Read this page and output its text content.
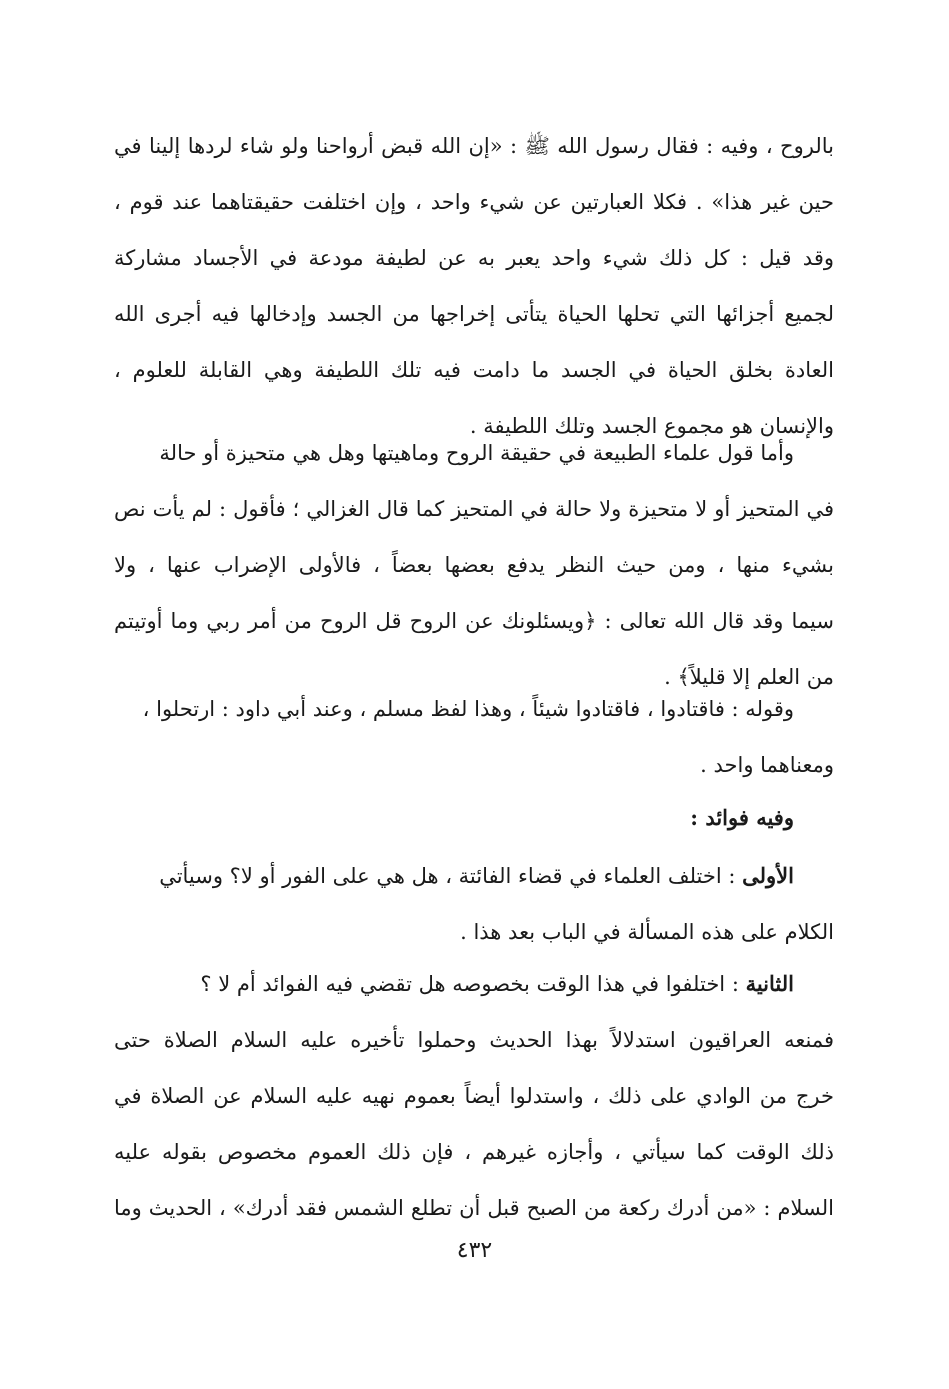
بالروح ، وفيه : فقال رسول الله ﷺ : «إن الله قبض أرواحنا ولو شاء لردها إلينا في
حين غير هذا» . فكلا العبارتين عن شيء واحد ، وإن اختلفت حقيقتاهما عند قوم ،
وقد قيل : كل ذلك شيء واحد يعبر به عن لطيفة مودعة في الأجساد مشاركة
لجميع أجزائها التي تحلها الحياة يتأتى إخراجها من الجسد وإدخالها فيه أجرى الله
العادة بخلق الحياة في الجسد ما دامت فيه تلك اللطيفة وهي القابلة للعلوم ،
والإنسان هو مجموع الجسد وتلك اللطيفة .
وأما قول علماء الطبيعة في حقيقة الروح وماهيتها وهل هي متحيزة أو حالة
في المتحيز أو لا متحيزة ولا حالة في المتحيز كما قال الغزالي ؛ فأقول : لم يأت نص
بشيء منها ، ومن حيث النظر يدفع بعضها بعضاً ، فالأولى الإضراب عنها ، ولا
سيما وقد قال الله تعالى : ﴿ويسئلونك عن الروح قل الروح من أمر ربي وما أوتيتم
من العلم إلا قليلاً﴾ .
وقوله : فاقتادوا ، فاقتادوا شيئاً ، وهذا لفظ مسلم ، وعند أبي داود : ارتحلوا ،
ومعناهما واحد .
وفيه فوائد :
الأولى : اختلف العلماء في قضاء الفائتة ، هل هي على الفور أو لا؟ وسيأتي
الكلام على هذه المسألة في الباب بعد هذا .
الثانية : اختلفوا في هذا الوقت بخصوصه هل تقضي فيه الفوائد أم لا ؟
فمنعه العراقيون استدلالاً بهذا الحديث وحملوا تأخيره عليه السلام الصلاة حتى
خرج من الوادي على ذلك ، واستدلوا أيضاً بعموم نهيه عليه السلام عن الصلاة في
ذلك الوقت كما سيأتي ، وأجازه غيرهم ، فإن ذلك العموم مخصوص بقوله عليه
السلام : «من أدرك ركعة من الصبح قبل أن تطلع الشمس فقد أدرك» ، الحديث وما
٤٣٢
